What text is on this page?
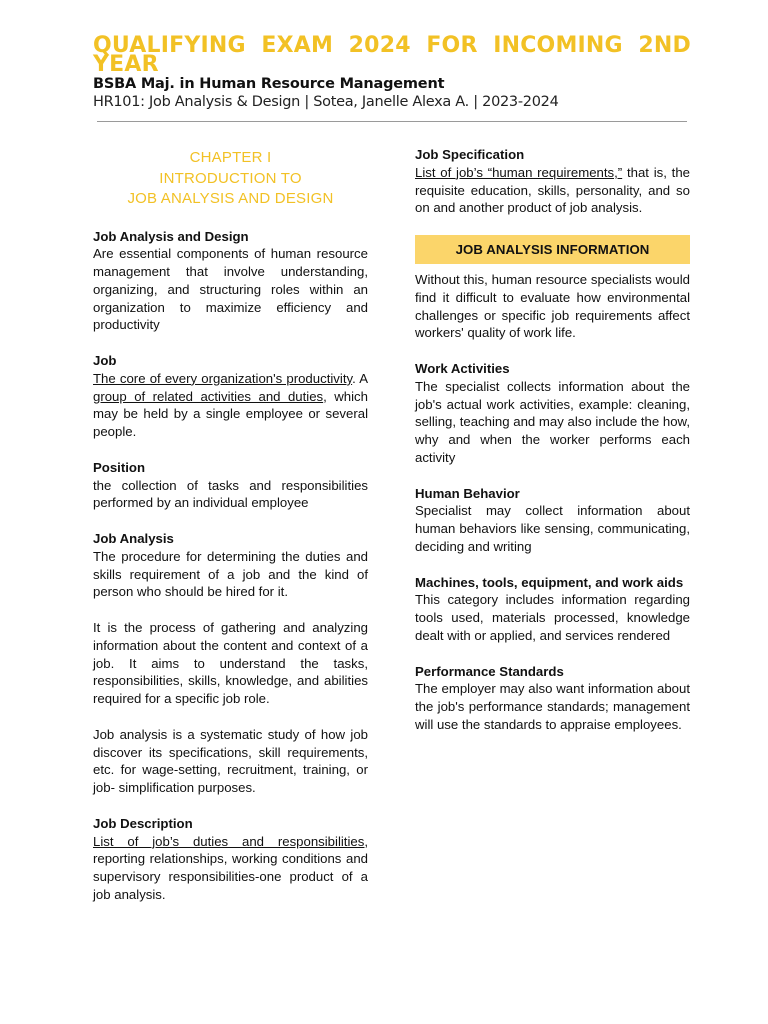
QUALIFYING EXAM 2024 FOR INCOMING 2ND YEAR
BSBA Maj. in Human Resource Management
HR101: Job Analysis & Design | Sotea, Janelle Alexa A. | 2023-2024
CHAPTER I
INTRODUCTION TO
JOB ANALYSIS AND DESIGN
Job Analysis and Design

Are essential components of human resource management that involve understanding, organizing, and structuring roles within an organization to maximize efficiency and productivity

Job

The core of every organization's productivity. A group of related activities and duties, which may be held by a single employee or several people.

Position

the collection of tasks and responsibilities performed by an individual employee

Job Analysis

The procedure for determining the duties and skills requirement of a job and the kind of person who should be hired for it.

It is the process of gathering and analyzing information about the content and context of a job. It aims to understand the tasks, responsibilities, skills, knowledge, and abilities required for a specific job role.

Job analysis is a systematic study of how job discover its specifications, skill requirements, etc. for wage-setting, recruitment, training, or job- simplification purposes.

Job Description

List of job’s duties and responsibilities, reporting relationships, working conditions and supervisory responsibilities-one product of a job analysis.

Job Specification

List of job’s “human requirements,” that is, the requisite education, skills, personality, and so on and another product of job analysis.

JOB ANALYSIS INFORMATION

Without this, human resource specialists would find it difficult to evaluate how environmental challenges or specific job requirements affect workers' quality of work life.

Work Activities

The specialist collects information about the job's actual work activities, example: cleaning, selling, teaching and may also include the how, why and when the worker performs each activity

Human Behavior

Specialist may collect information about human behaviors like sensing, communicating, deciding and writing

Machines, tools, equipment, and work aids

This category includes information regarding tools used, materials processed, knowledge dealt with or applied, and services rendered

Performance Standards

The employer may also want information about the job's performance standards; management will use the standards to appraise employees.
